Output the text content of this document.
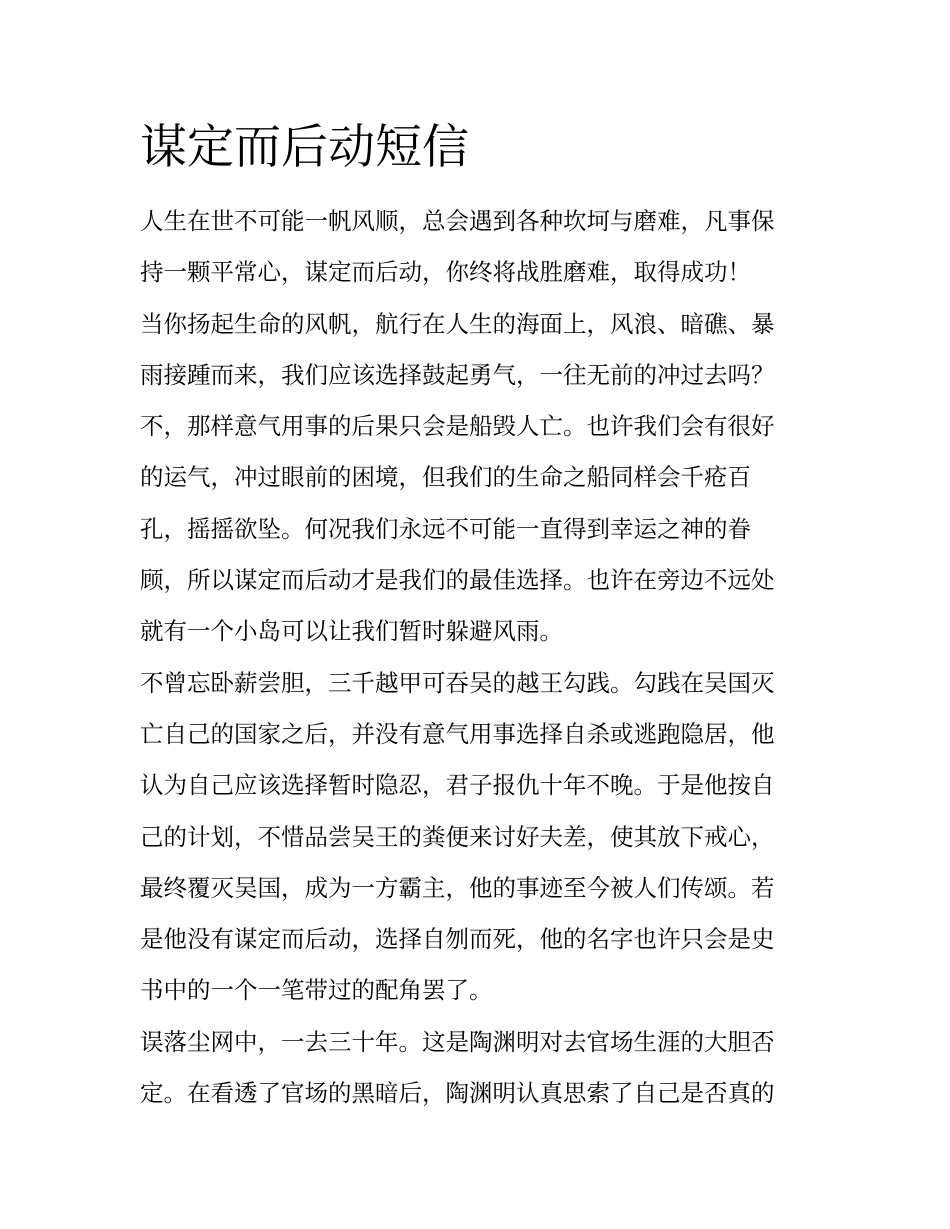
谋定而后动短信
人生在世不可能一帆风顺，总会遇到各种坎坷与磨难，凡事保
持一颗平常心，谋定而后动，你终将战胜磨难，取得成功！
当你扬起生命的风帆，航行在人生的海面上，风浪、暗礁、暴
雨接踵而来，我们应该选择鼓起勇气，一往无前的冲过去吗？
不，那样意气用事的后果只会是船毁人亡。也许我们会有很好
的运气，冲过眼前的困境，但我们的生命之船同样会千疮百
孔，摇摇欲坠。何况我们永远不可能一直得到幸运之神的眷
顾，所以谋定而后动才是我们的最佳选择。也许在旁边不远处
就有一个小岛可以让我们暂时躲避风雨。
不曾忘卧薪尝胆，三千越甲可吞吴的越王勾践。勾践在吴国灭
亡自己的国家之后，并没有意气用事选择自杀或逃跑隐居，他
认为自己应该选择暂时隐忍，君子报仇十年不晚。于是他按自
己的计划，不惜品尝吴王的粪便来讨好夫差，使其放下戒心，
最终覆灭吴国，成为一方霸主，他的事迹至今被人们传颂。若
是他没有谋定而后动，选择自刎而死，他的名字也许只会是史
书中的一个一笔带过的配角罢了。
误落尘网中，一去三十年。这是陶渊明对去官场生涯的大胆否
定。在看透了官场的黑暗后，陶渊明认真思索了自己是否真的
